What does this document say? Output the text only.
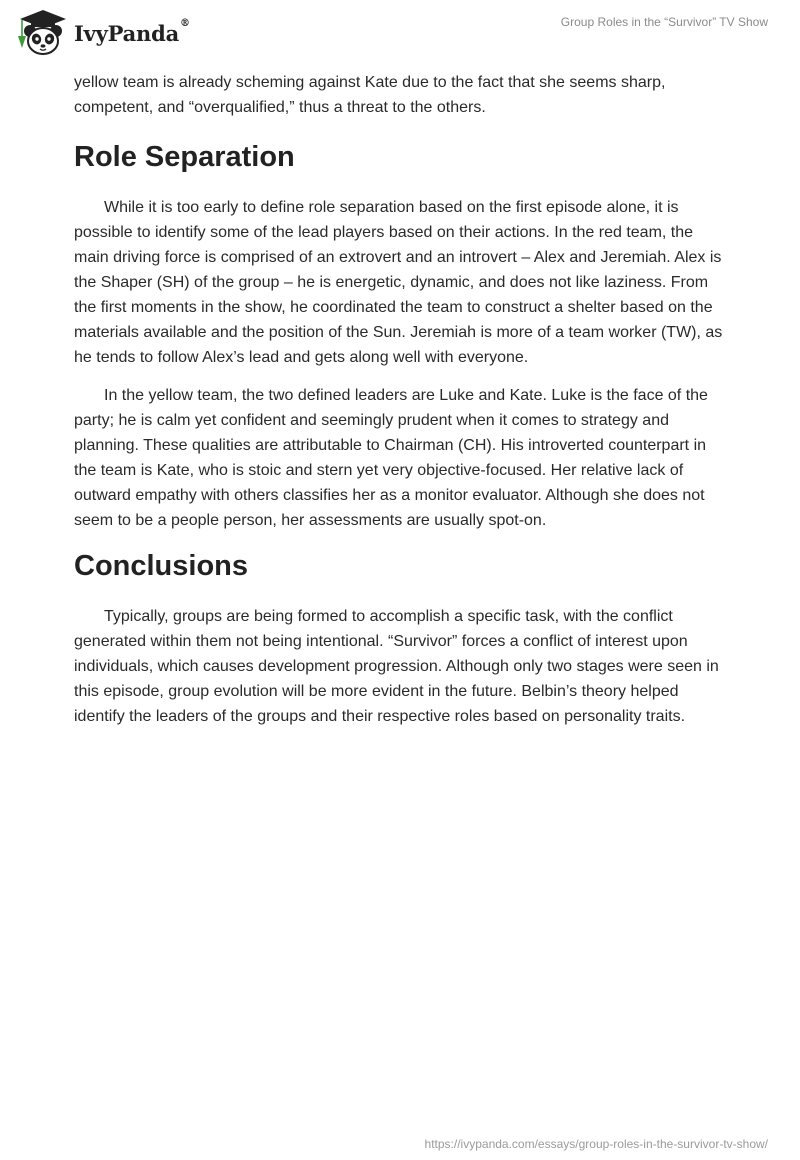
IvyPanda®	Group Roles in the “Survivor” TV Show

yellow team is already scheming against Kate due to the fact that she seems sharp, competent, and “overqualified,” thus a threat to the others.

Role Separation

While it is too early to define role separation based on the first episode alone, it is possible to identify some of the lead players based on their actions. In the red team, the main driving force is comprised of an extrovert and an introvert – Alex and Jeremiah. Alex is the Shaper (SH) of the group – he is energetic, dynamic, and does not like laziness. From the first moments in the show, he coordinated the team to construct a shelter based on the materials available and the position of the Sun. Jeremiah is more of a team worker (TW), as he tends to follow Alex’s lead and gets along well with everyone.

In the yellow team, the two defined leaders are Luke and Kate. Luke is the face of the party; he is calm yet confident and seemingly prudent when it comes to strategy and planning. These qualities are attributable to Chairman (CH). His introverted counterpart in the team is Kate, who is stoic and stern yet very objective-focused. Her relative lack of outward empathy with others classifies her as a monitor evaluator. Although she does not seem to be a people person, her assessments are usually spot-on.

Conclusions

Typically, groups are being formed to accomplish a specific task, with the conflict generated within them not being intentional. “Survivor” forces a conflict of interest upon individuals, which causes development progression. Although only two stages were seen in this episode, group evolution will be more evident in the future. Belbin’s theory helped identify the leaders of the groups and their respective roles based on personality traits.

https://ivypanda.com/essays/group-roles-in-the-survivor-tv-show/
